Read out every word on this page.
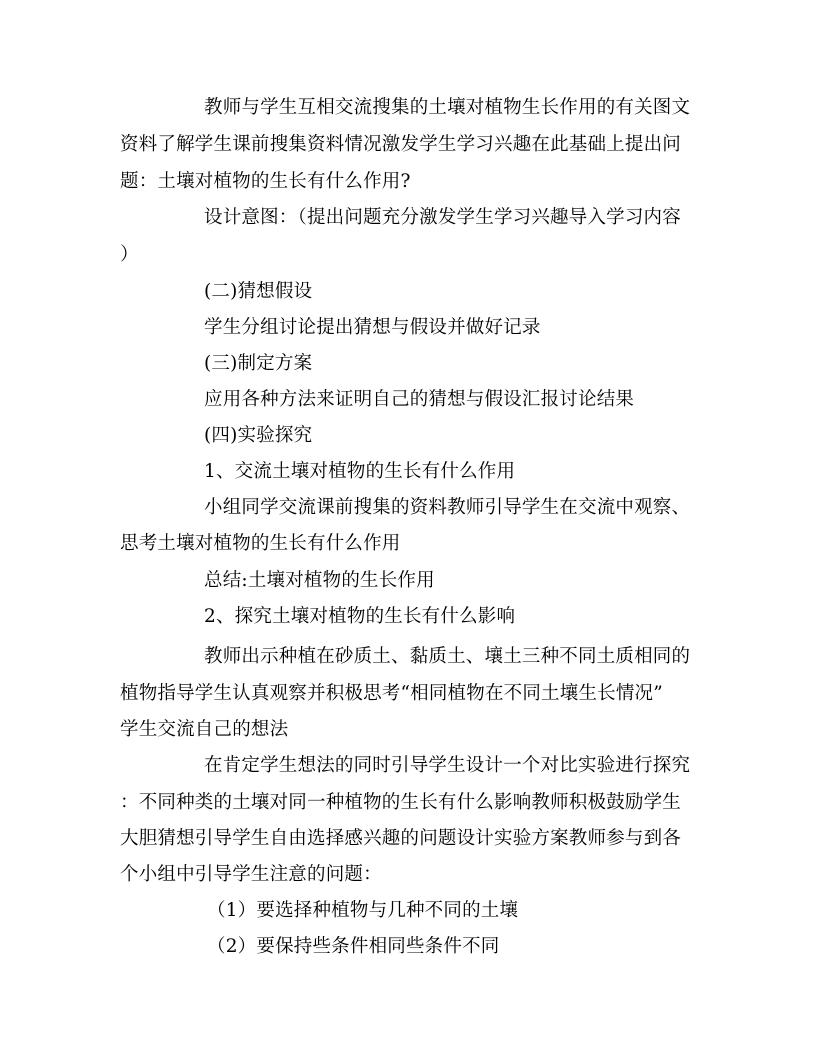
教师与学生互相交流搜集的土壤对植物生长作用的有关图文
资料了解学生课前搜集资料情况激发学生学习兴趣在此基础上提出问
题：土壤对植物的生长有什么作用?
设计意图：（提出问题充分激发学生学习兴趣导入学习内容
）
(二)猜想假设
学生分组讨论提出猜想与假设并做好记录
(三)制定方案
应用各种方法来证明自己的猜想与假设汇报讨论结果
(四)实验探究
1、交流土壤对植物的生长有什么作用
小组同学交流课前搜集的资料教师引导学生在交流中观察、
思考土壤对植物的生长有什么作用
总结:土壤对植物的生长作用
2、探究土壤对植物的生长有什么影响
教师出示种植在砂质土、黏质土、壤土三种不同土质相同的
植物指导学生认真观察并积极思考“相同植物在不同土壤生长情况”
学生交流自己的想法
在肯定学生想法的同时引导学生设计一个对比实验进行探究
：不同种类的土壤对同一种植物的生长有什么影响教师积极鼓励学生
大胆猜想引导学生自由选择感兴趣的问题设计实验方案教师参与到各
个小组中引导学生注意的问题：
（1）要选择种植物与几种不同的土壤
（2）要保持些条件相同些条件不同
